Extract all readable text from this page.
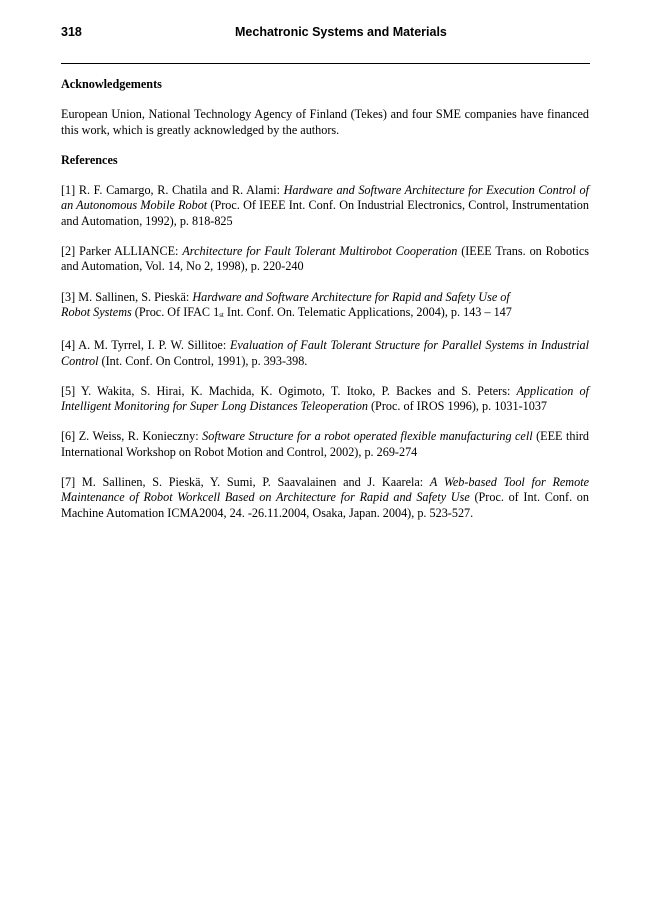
318	Mechatronic Systems and Materials
Acknowledgements
European Union, National Technology Agency of Finland (Tekes) and four SME companies have financed this work, which is greatly acknowledged by the authors.
References
[1] R. F. Camargo, R. Chatila and R. Alami: Hardware and Software Architecture for Execution Control of an Autonomous Mobile Robot (Proc. Of IEEE Int. Conf. On Industrial Electronics, Control, Instrumentation and Automation, 1992), p. 818-825
[2] Parker ALLIANCE: Architecture for Fault Tolerant Multirobot Cooperation (IEEE Trans. on Robotics and Automation, Vol. 14, No 2, 1998), p. 220-240
[3] M. Sallinen, S. Pieskä: Hardware and Software Architecture for Rapid and Safety Use of
Robot Systems (Proc. Of IFAC $1_{st}$ Int. Conf. On. Telematic Applications, 2004), p. 143 – 147
[4] A. M. Tyrrel, I. P. W. Sillitoe: Evaluation of Fault Tolerant Structure for Parallel Systems in Industrial Control (Int. Conf. On Control, 1991), p. 393-398.
[5] Y. Wakita, S. Hirai, K. Machida, K. Ogimoto, T. Itoko, P. Backes and S. Peters: Application of Intelligent Monitoring for Super Long Distances Teleoperation (Proc. of IROS 1996), p. 1031-1037
[6] Z. Weiss, R. Konieczny: Software Structure for a robot operated flexible manufacturing cell (EEE third International Workshop on Robot Motion and Control, 2002), p. 269-274
[7] M. Sallinen, S. Pieskä, Y. Sumi, P. Saavalainen and J. Kaarela: A Web-based Tool for Remote Maintenance of Robot Workcell Based on Architecture for Rapid and Safety Use (Proc. of Int. Conf. on Machine Automation ICMA2004, 24. -26.11.2004, Osaka, Japan. 2004), p. 523-527.
